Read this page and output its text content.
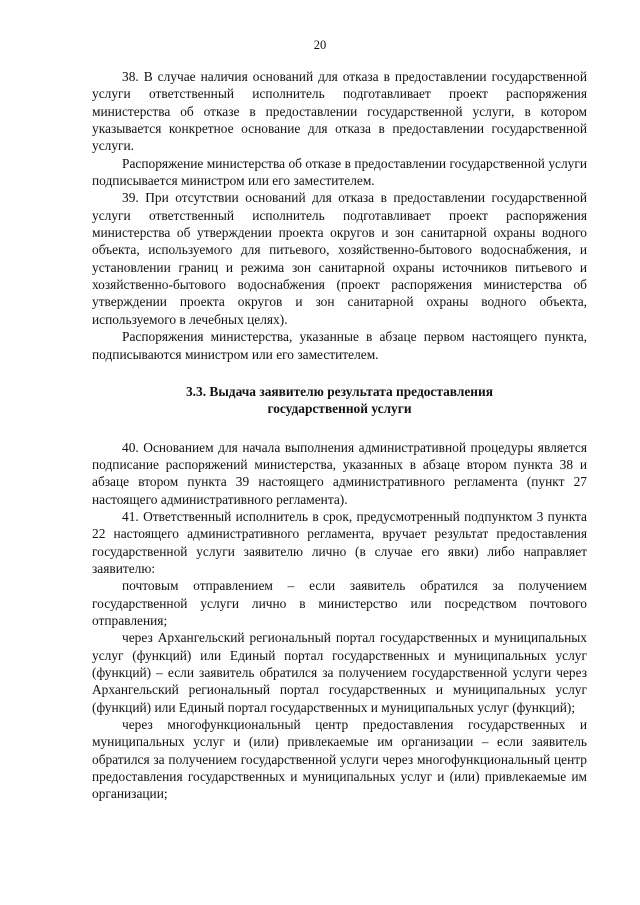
20

38. В случае наличия оснований для отказа в предоставлении государственной услуги ответственный исполнитель подготавливает проект распоряжения министерства об отказе в предоставлении государственной услуги, в котором указывается конкретное основание для отказа в предоставлении государственной услуги.

Распоряжение министерства об отказе в предоставлении государственной услуги подписывается министром или его заместителем.

39. При отсутствии оснований для отказа в предоставлении государственной услуги ответственный исполнитель подготавливает проект распоряжения министерства об утверждении проекта округов и зон санитарной охраны водного объекта, используемого для питьевого, хозяйственно-бытового водоснабжения, и установлении границ и режима зон санитарной охраны источников питьевого и хозяйственно-бытового водоснабжения (проект распоряжения министерства об утверждении проекта округов и зон санитарной охраны водного объекта, используемого в лечебных целях).

Распоряжения министерства, указанные в абзаце первом настоящего пункта, подписываются министром или его заместителем.

3.3. Выдача заявителю результата предоставления
государственной услуги

40. Основанием для начала выполнения административной процедуры является подписание распоряжений министерства, указанных в абзаце втором пункта 38 и абзаце втором пункта 39 настоящего административного регламента (пункт 27 настоящего административного регламента).

41. Ответственный исполнитель в срок, предусмотренный подпунктом 3 пункта 22 настоящего административного регламента, вручает результат предоставления государственной услуги заявителю лично (в случае его явки) либо направляет заявителю:

почтовым отправлением – если заявитель обратился за получением государственной услуги лично в министерство или посредством почтового отправления;

через Архангельский региональный портал государственных и муниципальных услуг (функций) или Единый портал государственных и муниципальных услуг (функций) – если заявитель обратился за получением государственной услуги через Архангельский региональный портал государственных и муниципальных услуг (функций) или Единый портал государственных и муниципальных услуг (функций);

через многофункциональный центр предоставления государственных и муниципальных услуг и (или) привлекаемые им организации – если заявитель обратился за получением государственной услуги через многофункциональный центр предоставления государственных и муниципальных услуг и (или) привлекаемые им организации;
